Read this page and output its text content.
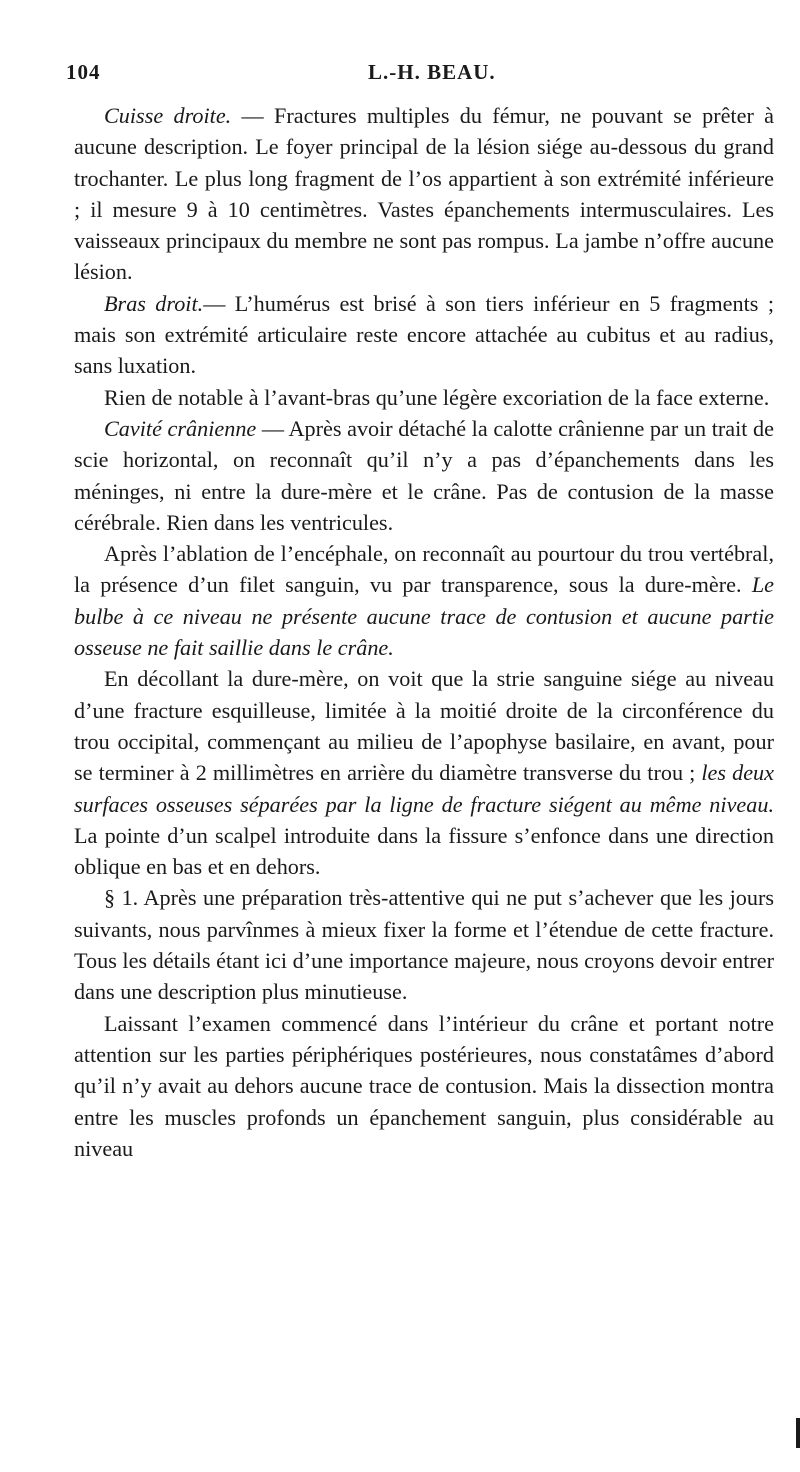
104	L.-H. BEAU.

Cuisse droite. — Fractures multiples du fémur, ne pouvant se prêter à aucune description. Le foyer principal de la lésion siége au-dessous du grand trochanter. Le plus long fragment de l’os appartient à son extrémité inférieure ; il mesure 9 à 10 centimètres. Vastes épanchements intermusculaires. Les vaisseaux principaux du membre ne sont pas rompus. La jambe n’offre aucune lésion.

Bras droit.— L’humérus est brisé à son tiers inférieur en 5 fragments ; mais son extrémité articulaire reste encore attachée au cubitus et au radius, sans luxation.

Rien de notable à l’avant-bras qu’une légère excoriation de la face externe.

Cavité crânienne — Après avoir détaché la calotte crânienne par un trait de scie horizontal, on reconnaît qu’il n’y a pas d’épanchements dans les méninges, ni entre la dure-mère et le crâne. Pas de contusion de la masse cérébrale. Rien dans les ventricules.

Après l’ablation de l’encéphale, on reconnaît au pourtour du trou vertébral, la présence d’un filet sanguin, vu par transparence, sous la dure-mère. Le bulbe à ce niveau ne présente aucune trace de contusion et aucune partie osseuse ne fait saillie dans le crâne.

En décollant la dure-mère, on voit que la strie sanguine siége au niveau d’une fracture esquilleuse, limitée à la moitié droite de la circonférence du trou occipital, commençant au milieu de l’apophyse basilaire, en avant, pour se terminer à 2 millimètres en arrière du diamètre transverse du trou ; les deux surfaces osseuses séparées par la ligne de fracture siégent au même niveau. La pointe d’un scalpel introduite dans la fissure s’enfonce dans une direction oblique en bas et en dehors.

§ 1. Après une préparation très-attentive qui ne put s’achever que les jours suivants, nous parvînmes à mieux fixer la forme et l’étendue de cette fracture. Tous les détails étant ici d’une importance majeure, nous croyons devoir entrer dans une description plus minutieuse.

Laissant l’examen commencé dans l’intérieur du crâne et portant notre attention sur les parties périphériques postérieures, nous constatâmes d’abord qu’il n’y avait au dehors aucune trace de contusion. Mais la dissection montra entre les muscles profonds un épanchement sanguin, plus considérable au niveau
